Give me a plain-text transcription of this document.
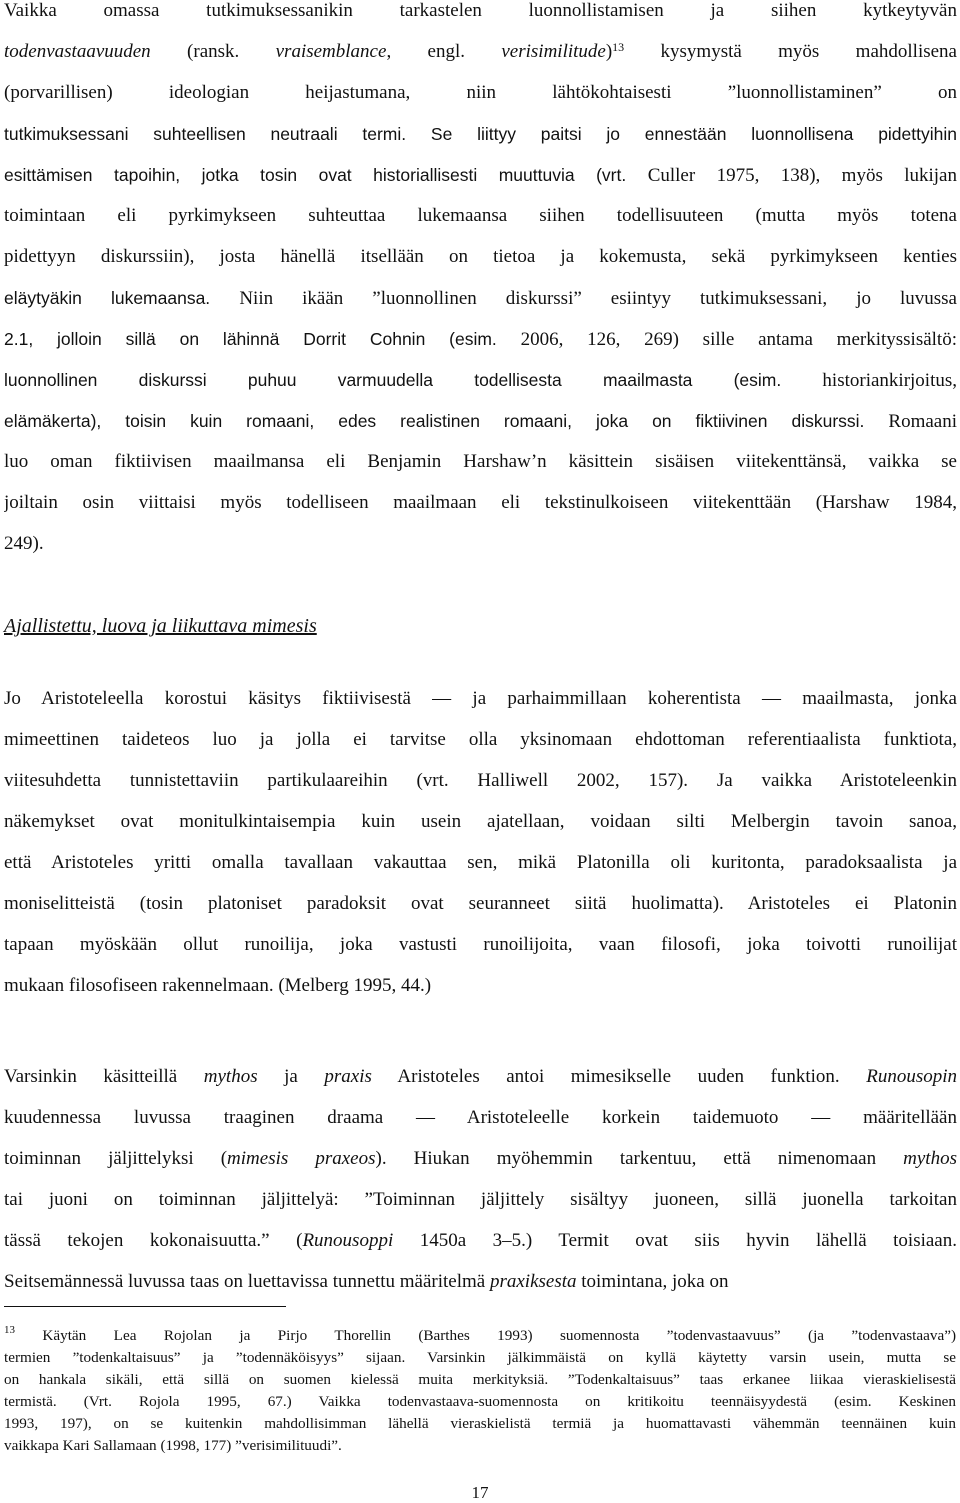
Vaikka omassa tutkimuksessanikin tarkastelen luonnollistamisen ja siihen kytkeytyvän
todenvastaavuuden (ransk. vraisemblance, engl. verisimilitude)$^{13}$ kysymystä myös mahdollisena
(porvarillisen) ideologian heijastumana, niin lähtökohtaisesti ”luonnollistaminen” on
tutkimuksessani suhteellisen neutraali termi. Se liittyy paitsi jo ennestään luonnollisena pidettyihin
esittämisen tapoihin, jotka tosin ovat historiallisesti muuttuvia (vrt. Culler 1975, 138), myös lukijan
toimintaan eli pyrkimykseen suhteuttaa lukemaansa siihen todellisuuteen (mutta myös totena
pidettyyn diskurssiin), josta hänellä itsellään on tietoa ja kokemusta, sekä pyrkimykseen kenties
eläytyäkin lukemaansa. Niin ikään ”luonnollinen diskurssi” esiintyy tutkimuksessani, jo luvussa
2.1, jolloin sillä on lähinnä Dorrit Cohnin (esim. 2006, 126, 269) sille antama merkityssisältö:
luonnollinen diskurssi puhuu varmuudella todellisesta maailmasta (esim. historiankirjoitus,
elämäkerta), toisin kuin romaani, edes realistinen romaani, joka on fiktiivinen diskurssi. Romaani
luo oman fiktiivisen maailmansa eli Benjamin Harshaw’n käsittein sisäisen viitekenttänsä, vaikka se
joiltain osin viittaisi myös todelliseen maailmaan eli tekstinulkoiseen viitekenttään (Harshaw 1984,
249).
Ajallistettu, luova ja liikuttava mimesis
Jo Aristoteleella korostui käsitys fiktiivisestä — ja parhaimmillaan koherentista — maailmasta, jonka
mimeettinen taideteos luo ja jolla ei tarvitse olla yksinomaan ehdottoman referentiaalista funktiota,
viitesuhdetta tunnistettaviin partikulaareihin (vrt. Halliwell 2002, 157). Ja vaikka Aristoteleenkin
näkemykset ovat monitulkintaisempia kuin usein ajatellaan, voidaan silti Melbergin tavoin sanoa,
että Aristoteles yritti omalla tavallaan vakauttaa sen, mikä Platonilla oli kuritonta, paradoksaalista ja
moniselitteistä (tosin platoniset paradoksit ovat seuranneet siitä huolimatta). Aristoteles ei Platonin
tapaan myöskään ollut runoilija, joka vastusti runoilijoita, vaan filosofi, joka toivotti runoilijat
mukaan filosofiseen rakennelmaan. (Melberg 1995, 44.)
Varsinkin käsitteillä mythos ja praxis Aristoteles antoi mimesikselle uuden funktion. Runousopin
kuudennessa luvussa traaginen draama — Aristoteleelle korkein taidemuoto — määritellään
toiminnan jäljittelyksi (mimesis praxeos). Hiukan myöhemmin tarkentuu, että nimenomaan mythos
tai juoni on toiminnan jäljittelyä: ”Toiminnan jäljittely sisältyy juoneen, sillä juonella tarkoitan
tässä tekojen kokonaisuutta.” (Runousoppi 1450a 3–5.) Termit ovat siis hyvin lähellä toisiaan.
Seitsemännessä luvussa taas on luettavissa tunnettu määritelmä praxiksesta toimintana, joka on
$^{13}$ Käytän Lea Rojolan ja Pirjo Thorellin (Barthes 1993) suomennosta ”todenvastaavuus” (ja ”todenvastaava”)
termien ”todenkaltaisuus” ja ”todennäköisyys” sijaan. Varsinkin jälkimmäistä on kyllä käytetty varsin usein, mutta se
on hankala sikäli, että sillä on suomen kielessä muita merkityksiä. ”Todenkaltaisuus” taas erkanee liikaa vieraskielisestä
termistä. (Vrt. Rojola 1995, 67.) Vaikka todenvastaava-suomennosta on kritikoitu teennäisyydestä (esim. Keskinen
1993, 197), on se kuitenkin mahdollisimman lähellä vieraskielistä termiä ja huomattavasti vähemmän teennäinen kuin
vaikkapa Kari Sallamaan (1998, 177) ”verisimilituudi”.
17
